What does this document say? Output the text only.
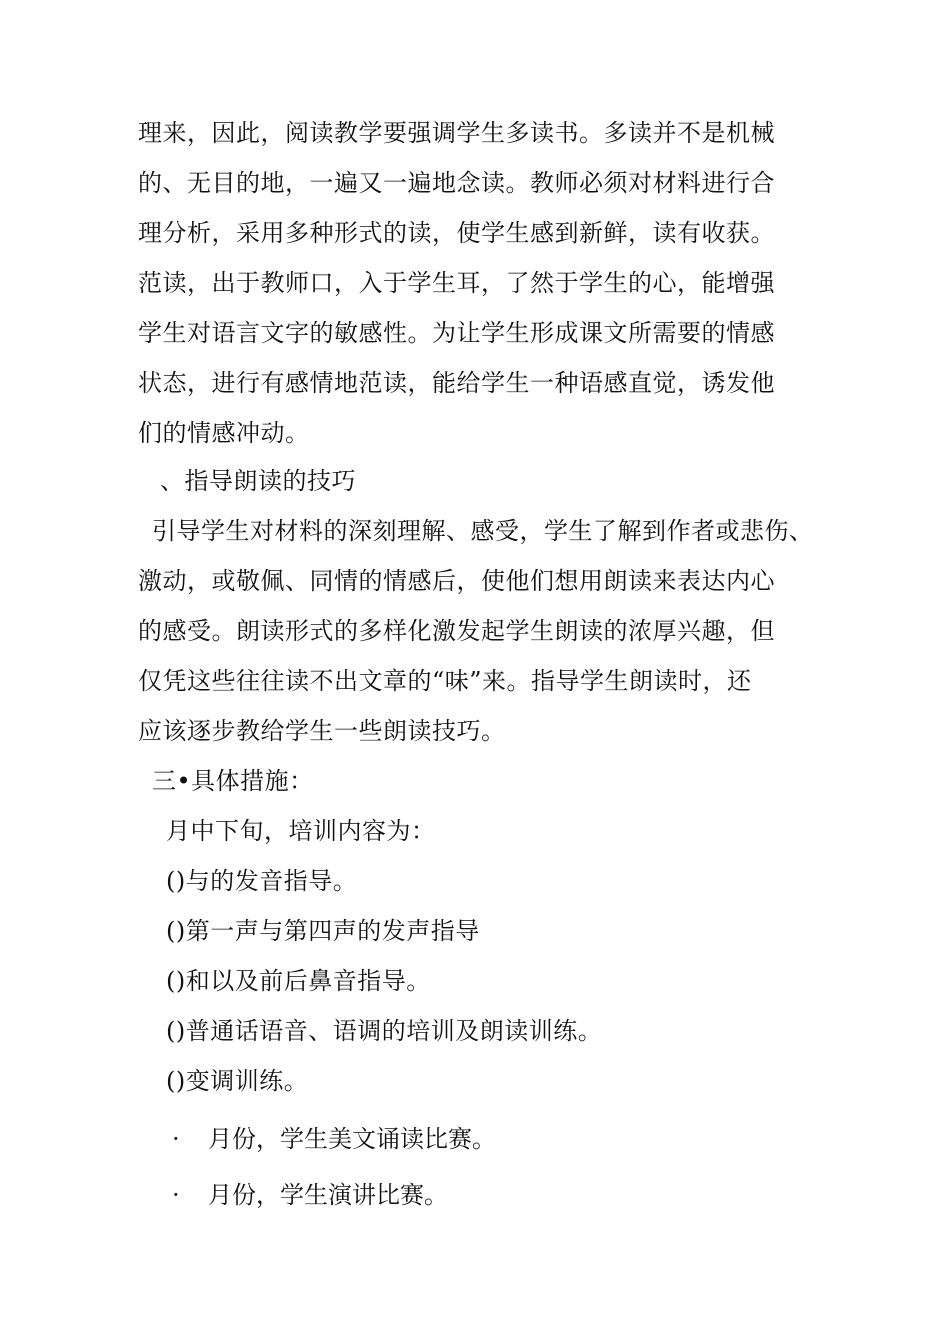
理来，因此，阅读教学要强调学生多读书。多读并不是机械
的、无目的地，一遍又一遍地念读。教师必须对材料进行合
理分析，采用多种形式的读，使学生感到新鲜，读有收获。
范读，出于教师口，入于学生耳，了然于学生的心，能增强
学生对语言文字的敏感性。为让学生形成课文所需要的情感
状态，进行有感情地范读，能给学生一种语感直觉，诱发他
们的情感冲动。
、指导朗读的技巧
引导学生对材料的深刻理解、感受，学生了解到作者或悲伤、
激动，或敬佩、同情的情感后，使他们想用朗读来表达内心
的感受。朗读形式的多样化激发起学生朗读的浓厚兴趣，但
仅凭这些往往读不出文章的“味”来。指导学生朗读时，还
应该逐步教给学生一些朗读技巧。
三•具体措施：
月中下旬，培训内容为：
()与的发音指导。
()第一声与第四声的发声指导
()和以及前后鼻音指导。
()普通话语音、语调的培训及朗读训练。
()变调训练。
· 月份，学生美文诵读比赛。
· 月份，学生演讲比赛。
